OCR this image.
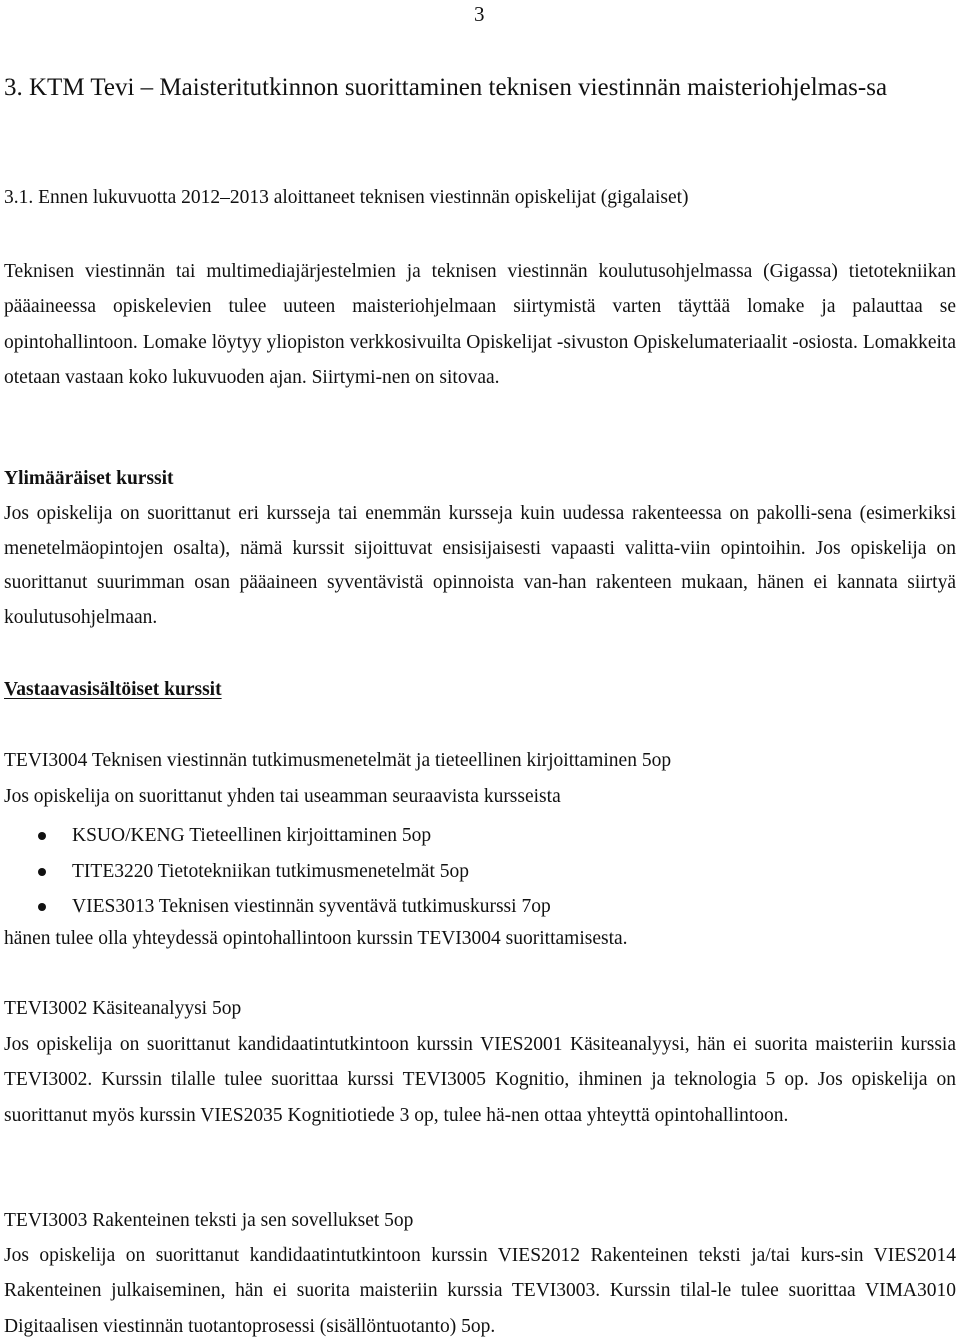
3
3. KTM Tevi – Maisteritutkinnon suorittaminen teknisen viestinnän maisteriohjelmas-sa
3.1. Ennen lukuvuotta 2012–2013 aloittaneet teknisen viestinnän opiskelijat (gigalaiset)

Teknisen viestinnän tai multimediajärjestelmien ja teknisen viestinnän koulutusohjelmassa (Gigassa) tietotekniikan pääaineessa opiskelevien tulee uuteen maisteriohjelmaan siirtymistä varten täyttää lomake ja palauttaa se opintohallintoon. Lomake löytyy yliopiston verkkosivuilta Opiskelijat -sivuston Opiskelumateriaalit -osiosta. Lomakkeita otetaan vastaan koko lukuvuoden ajan. Siirtymi-nen on sitovaa.

Ylimääräiset kurssit

Jos opiskelija on suorittanut eri kursseja tai enemmän kursseja kuin uudessa rakenteessa on pakolli-sena (esimerkiksi menetelmäopintojen osalta), nämä kurssit sijoittuvat ensisijaisesti vapaasti valitta-viin opintoihin. Jos opiskelija on suorittanut suurimman osan pääaineen syventävistä opinnoista van-han rakenteen mukaan, hänen ei kannata siirtyä koulutusohjelmaan.

Vastaavasisältöiset kurssit
TEVI3004 Teknisen viestinnän tutkimusmenetelmät ja tieteellinen kirjoittaminen 5op

Jos opiskelija on suorittanut yhden tai useamman seuraavista kursseista

KSUO/KENG Tieteellinen kirjoittaminen 5op
TITE3220 Tietotekniikan tutkimusmenetelmät 5op
VIES3013 Teknisen viestinnän syventävä tutkimuskurssi 7op

hänen tulee olla yhteydessä opintohallintoon kurssin TEVI3004 suorittamisesta.

TEVI3002 Käsiteanalyysi 5op

Jos opiskelija on suorittanut kandidaatintutkintoon kurssin VIES2001 Käsiteanalyysi, hän ei suorita maisteriin kurssia TEVI3002. Kurssin tilalle tulee suorittaa kurssi TEVI3005 Kognitio, ihminen ja teknologia 5 op. Jos opiskelija on suorittanut myös kurssin VIES2035 Kognitiotiede 3 op, tulee hä-nen ottaa yhteyttä opintohallintoon.

TEVI3003 Rakenteinen teksti ja sen sovellukset 5op

Jos opiskelija on suorittanut kandidaatintutkintoon kurssin VIES2012 Rakenteinen teksti ja/tai kurs-sin VIES2014 Rakenteinen julkaiseminen, hän ei suorita maisteriin kurssia TEVI3003. Kurssin tilal-le tulee suorittaa VIMA3010 Digitaalisen viestinnän tuotantoprosessi (sisällöntuotanto) 5op.
